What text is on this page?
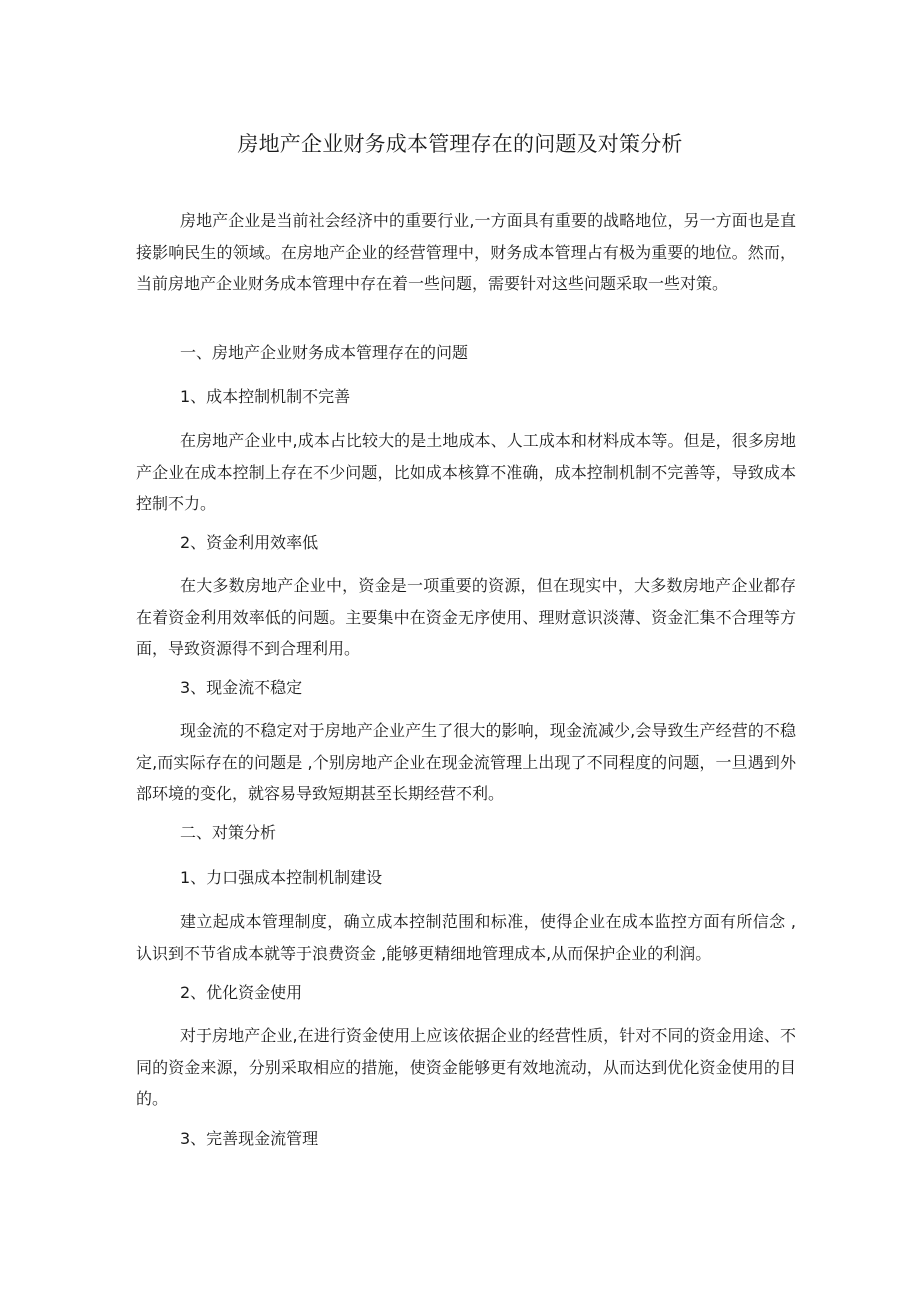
房地产企业财务成本管理存在的问题及对策分析

房地产企业是当前社会经济中的重要行业,一方面具有重要的战略地位，另一方面也是直接影响民生的领域。在房地产企业的经营管理中，财务成本管理占有极为重要的地位。然而，当前房地产企业财务成本管理中存在着一些问题，需要针对这些问题采取一些对策。

一、房地产企业财务成本管理存在的问题
1、成本控制机制不完善

在房地产企业中,成本占比较大的是土地成本、人工成本和材料成本等。但是，很多房地产企业在成本控制上存在不少问题，比如成本核算不准确，成本控制机制不完善等，导致成本控制不力。

2、资金利用效率低

在大多数房地产企业中，资金是一项重要的资源，但在现实中，大多数房地产企业都存在着资金利用效率低的问题。主要集中在资金无序使用、理财意识淡薄、资金汇集不合理等方面，导致资源得不到合理利用。

3、现金流不稳定

现金流的不稳定对于房地产企业产生了很大的影响，现金流减少,会导致生产经营的不稳定,而实际存在的问题是 ,个别房地产企业在现金流管理上出现了不同程度的问题，一旦遇到外部环境的变化，就容易导致短期甚至长期经营不利。

二、对策分析
1、力口强成本控制机制建设

建立起成本管理制度，确立成本控制范围和标准，使得企业在成本监控方面有所信念 ,认识到不节省成本就等于浪费资金 ,能够更精细地管理成本,从而保护企业的利润。

2、优化资金使用

对于房地产企业,在进行资金使用上应该依据企业的经营性质，针对不同的资金用途、不同的资金来源，分别采取相应的措施，使资金能够更有效地流动，从而达到优化资金使用的目的。

3、完善现金流管理
